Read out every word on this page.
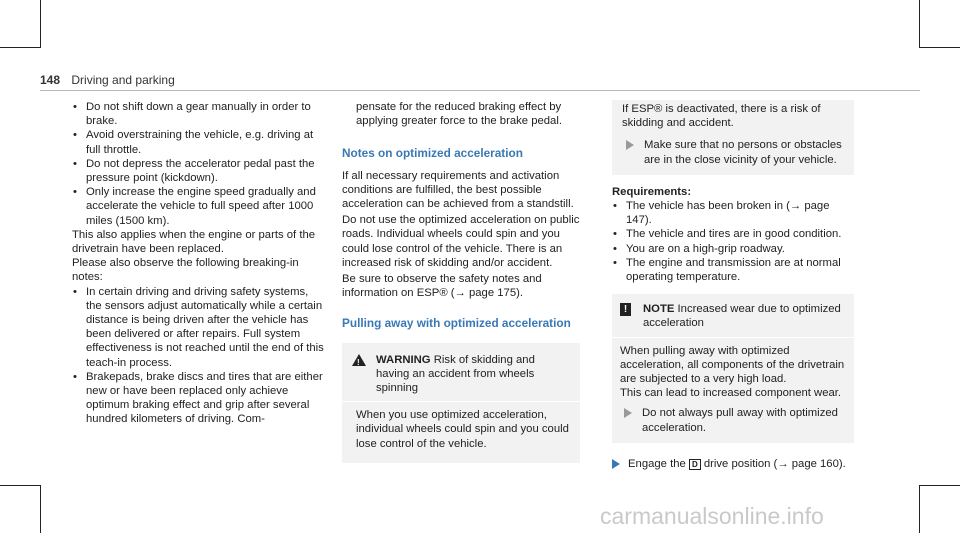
148 Driving and parking
• Do not shift down a gear manually in order to brake.
• Avoid overstraining the vehicle, e.g. driving at full throttle.
• Do not depress the accelerator pedal past the pressure point (kickdown).
• Only increase the engine speed gradually and accelerate the vehicle to full speed after 1000 miles (1500 km).

This also applies when the engine or parts of the drivetrain have been replaced.

Please also observe the following breaking-in notes:

• In certain driving and driving safety systems, the sensors adjust automatically while a certain distance is being driven after the vehicle has been delivered or after repairs. Full system effectiveness is not reached until the end of this teach-in process.
• Brakepads, brake discs and tires that are either new or have been replaced only achieve optimum braking effect and grip after several hundred kilometers of driving. Com-

pensate for the reduced braking effect by applying greater force to the brake pedal.

Notes on optimized acceleration

If all necessary requirements and activation conditions are fulfilled, the best possible acceleration can be achieved from a standstill.

Do not use the optimized acceleration on public roads. Individual wheels could spin and you could lose control of the vehicle. There is an increased risk of skidding and/or accident.

Be sure to observe the safety notes and information on ESP® (→ page 175).

Pulling away with optimized acceleration

!	WARNING Risk of skidding and having an accident from wheels spinning

When you use optimized acceleration, individual wheels could spin and you could lose control of the vehicle.

If ESP® is deactivated, there is a risk of skidding and accident.

Make sure that no persons or obstacles are in the close vicinity of your vehicle.

Requirements:

• The vehicle has been broken in (→ page 147).
• The vehicle and tires are in good condition.
• You are on a high-grip roadway.
• The engine and transmission are at normal operating temperature.
!	NOTE Increased wear due to optimized acceleration

When pulling away with optimized acceleration, all components of the drivetrain are subjected to a very high load.

This can lead to increased component wear.

Do not always pull away with optimized acceleration.
Engage the D drive position (→ page 160).
carmanualsonline.info
